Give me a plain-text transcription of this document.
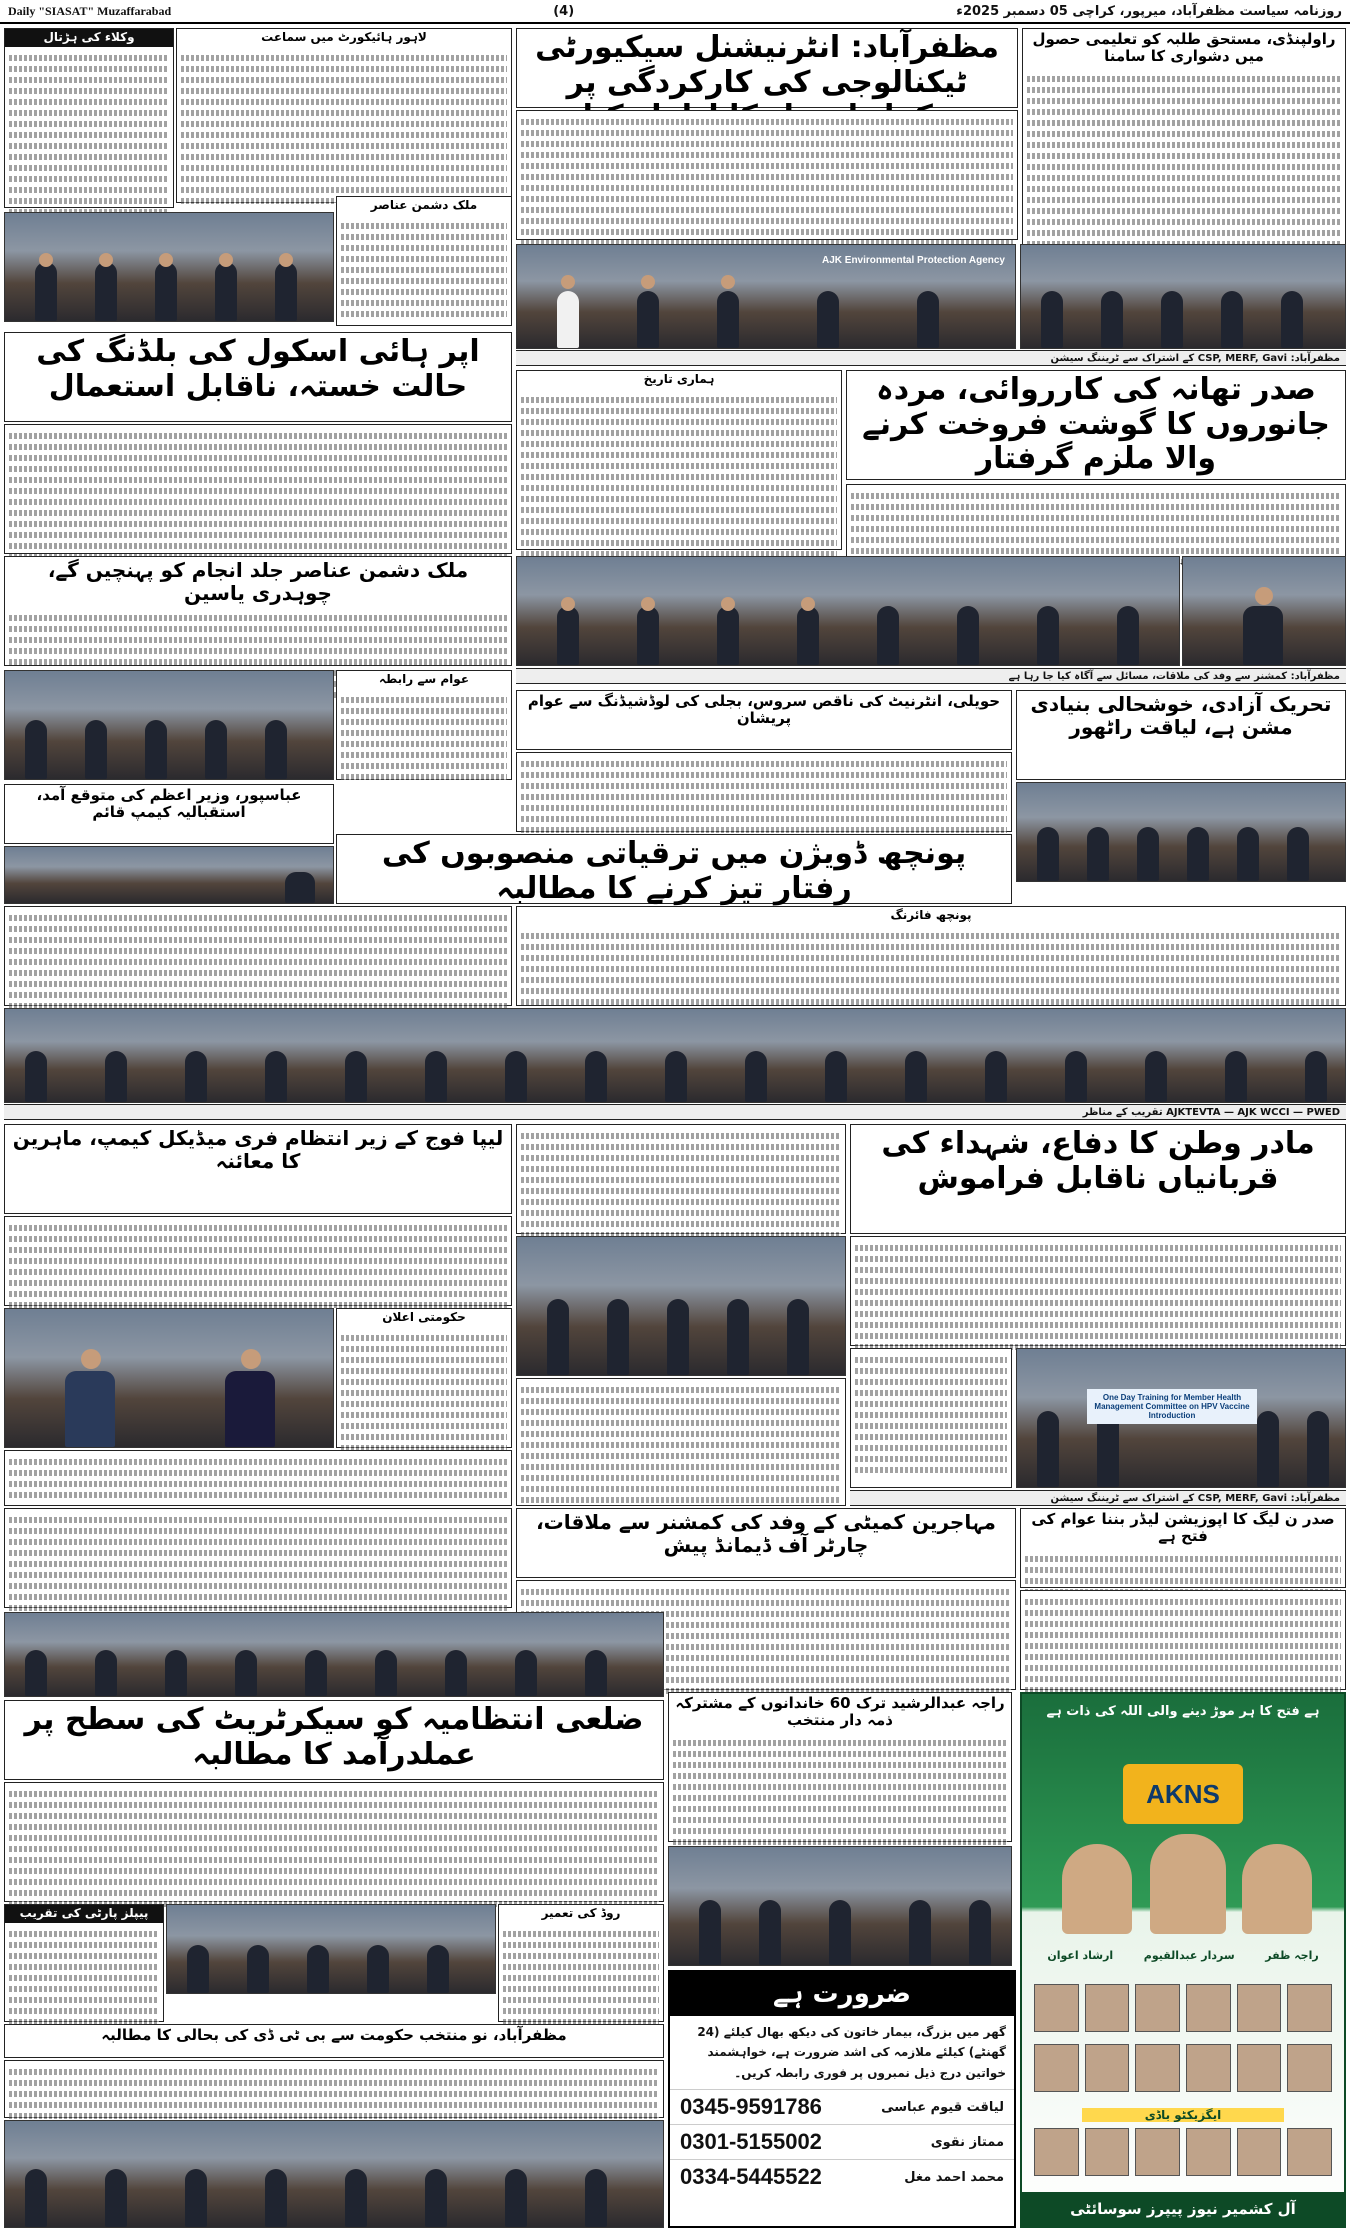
Daily "SIASAT" Muzaffarabad	(4)	روزنامہ سیاست مظفرآباد، میرپور، کراچی 05 دسمبر 2025ء
راولپنڈی، مستحق طلبہ کو تعلیمی حصول میں دشواری کا سامنا
مظفرآباد: انٹرنیشنل سیکیورٹی ٹیکنالوجی کی کارکردگی پر
وکلاء کی ہڑتال	لاہور ہائیکورٹ میں سماعت
ملک دشمن عناصر
AJK Environmental Protection Agency
مظفرآباد: CSP, MERF, Gavi کے اشتراک سے ٹریننگ سیشن
اپر ہائی اسکول کی بلڈنگ کی حالت خستہ، ناقابل استعمال
ملک دشمن عناصر جلد انجام کو پہنچیں گے، چوہدری یاسین
صدر تھانہ کی کارروائی، مردہ جانوروں کا گوشت فروخت کرنے والا ملزم گرفتار
ہماری تاریخ
مظفرآباد: کمشنر سے وفد کی ملاقات، مسائل سے آگاہ کیا جا رہا ہے
عوام سے رابطہ
تحریک آزادی، خوشحالی بنیادی مشن ہے، لیاقت راٹھور
حویلی، انٹرنیٹ کی ناقص سروس، بجلی کی لوڈشیڈنگ سے عوام پریشان
عباسپور، وزیر اعظم کی متوقع آمد، استقبالیہ کیمپ قائم
پونچھ ڈویژن میں ترقیاتی منصوبوں کی رفتار تیز کرنے کا مطالبہ
پونچھ فائرنگ
AJKTEVTA — AJK WCCI — PWED تقریب کے مناظر
مادر وطن کا دفاع، شہداء کی قربانیاں ناقابل فراموش
لیپا فوج کے زیر انتظام فری میڈیکل کیمپ، ماہرین کا معائنہ
حکومتی اعلان
One Day Training for Member Health Management Committee on HPV Vaccine Introduction
مظفرآباد: CSP, MERF, Gavi کے اشتراک سے ٹریننگ سیشن
مہاجرین کمیٹی کے وفد کی کمشنر سے ملاقات، چارٹر آف ڈیمانڈ پیش
صدر ن لیگ کا اپوزیشن لیڈر بننا عوام کی فتح ہے
راجہ عبدالرشید ترک 60 خاندانوں کے مشترکہ ذمہ دار منتخب	ہے فتح کا ہر موڑ دینے والی اللہ کی ذات ہے
AKNS
راجہ ظفر
سردار عبدالقیوم
ارشاد اعوان
ایگزیکٹو باڈی
آل کشمیر نیوز پیپرز سوسائٹی
ضلعی انتظامیہ کو سیکرٹریٹ کی سطح پر عملدرآمد کا مطالبہ
پیپلز پارٹی کی تقریب	روڈ کی تعمیر
مظفرآباد، نو منتخب حکومت سے بی ٹی ڈی کی بحالی کا مطالبہ
ضرورت ہے
گھر میں بزرگ، بیمار خاتون کی دیکھ بھال کیلئے (24 گھنٹے) کیلئے ملازمہ کی اشد ضرورت ہے، خواہشمند خواتین درج ذیل نمبروں پر فوری رابطہ کریں۔
0345-9591786	لیاقت قیوم عباسی
0301-5155002	ممتاز نقوی
0334-5445522	محمد احمد مغل
